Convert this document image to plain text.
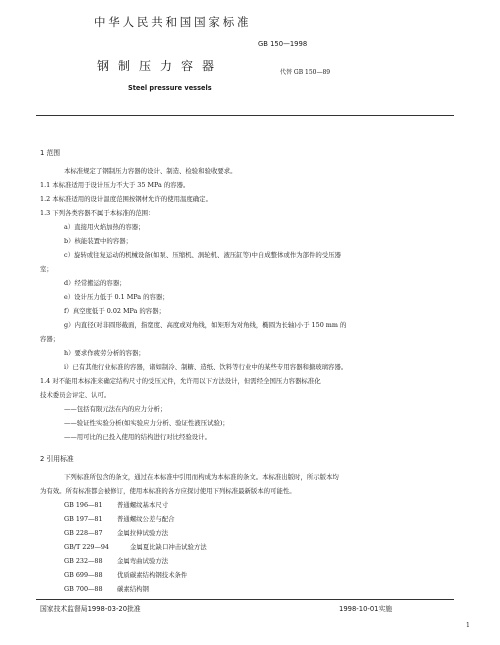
中华人民共和国国家标准
GB 150—1998
钢制压力容器	代替 GB 150—89
Steel pressure vessels
1 范围
本标准规定了钢制压力容器的设计、制造、检验和验收要求。
1.1 本标准适用于设计压力不大于 35 MPa 的容器。
1.2 本标准适用的设计温度范围按钢材允许的使用温度确定。
1.3 下列各类容器不属于本标准的范围：
a）直接用火焰加热的容器；
b）核能装置中的容器；
c）旋转或往复运动的机械设备(如泵、压缩机、涡轮机、液压缸等)中自成整体或作为部件的受压器
室；
d）经常搬运的容器；
e）设计压力低于 0.1 MPa 的容器；
f）真空度低于 0.02 MPa 的容器；
g）内直径(对非圆形截面，指宽度、高度或对角线，如矩形为对角线，椭圆为长轴)小于 150 mm 的
容器；
h）要求作疲劳分析的容器；
i）已有其他行业标准的容器，诸如制冷、制糖、造纸、饮料等行业中的某些专用容器和搪玻璃容器。
1.4 对不能用本标准来确定结构尺寸的受压元件，允许用以下方法设计，但需经全国压力容器标准化
技术委员会评定、认可。
——包括有限元法在内的应力分析；
——验证性实验分析(如实验应力分析、验证性液压试验)；
——用可比的已投入使用的结构进行对比经验设计。
2 引用标准
下列标准所包含的条文，通过在本标准中引用而构成为本标准的条文。本标准出版时，所示版本均
为有效。所有标准都会被修订，使用本标准的各方应探讨使用下列标准最新版本的可能性。
GB 196—81 普通螺纹基本尺寸
GB 197—81 普通螺纹公差与配合
GB 228—87 金属拉伸试验方法
GB/T 229—94	金属夏比缺口冲击试验方法
GB 232—88 金属弯曲试验方法
GB 699—88 优质碳素结构钢技术条件
GB 700—88 碳素结构钢
国家技术监督局1998-03-20批准	1998-10-01实施
1
